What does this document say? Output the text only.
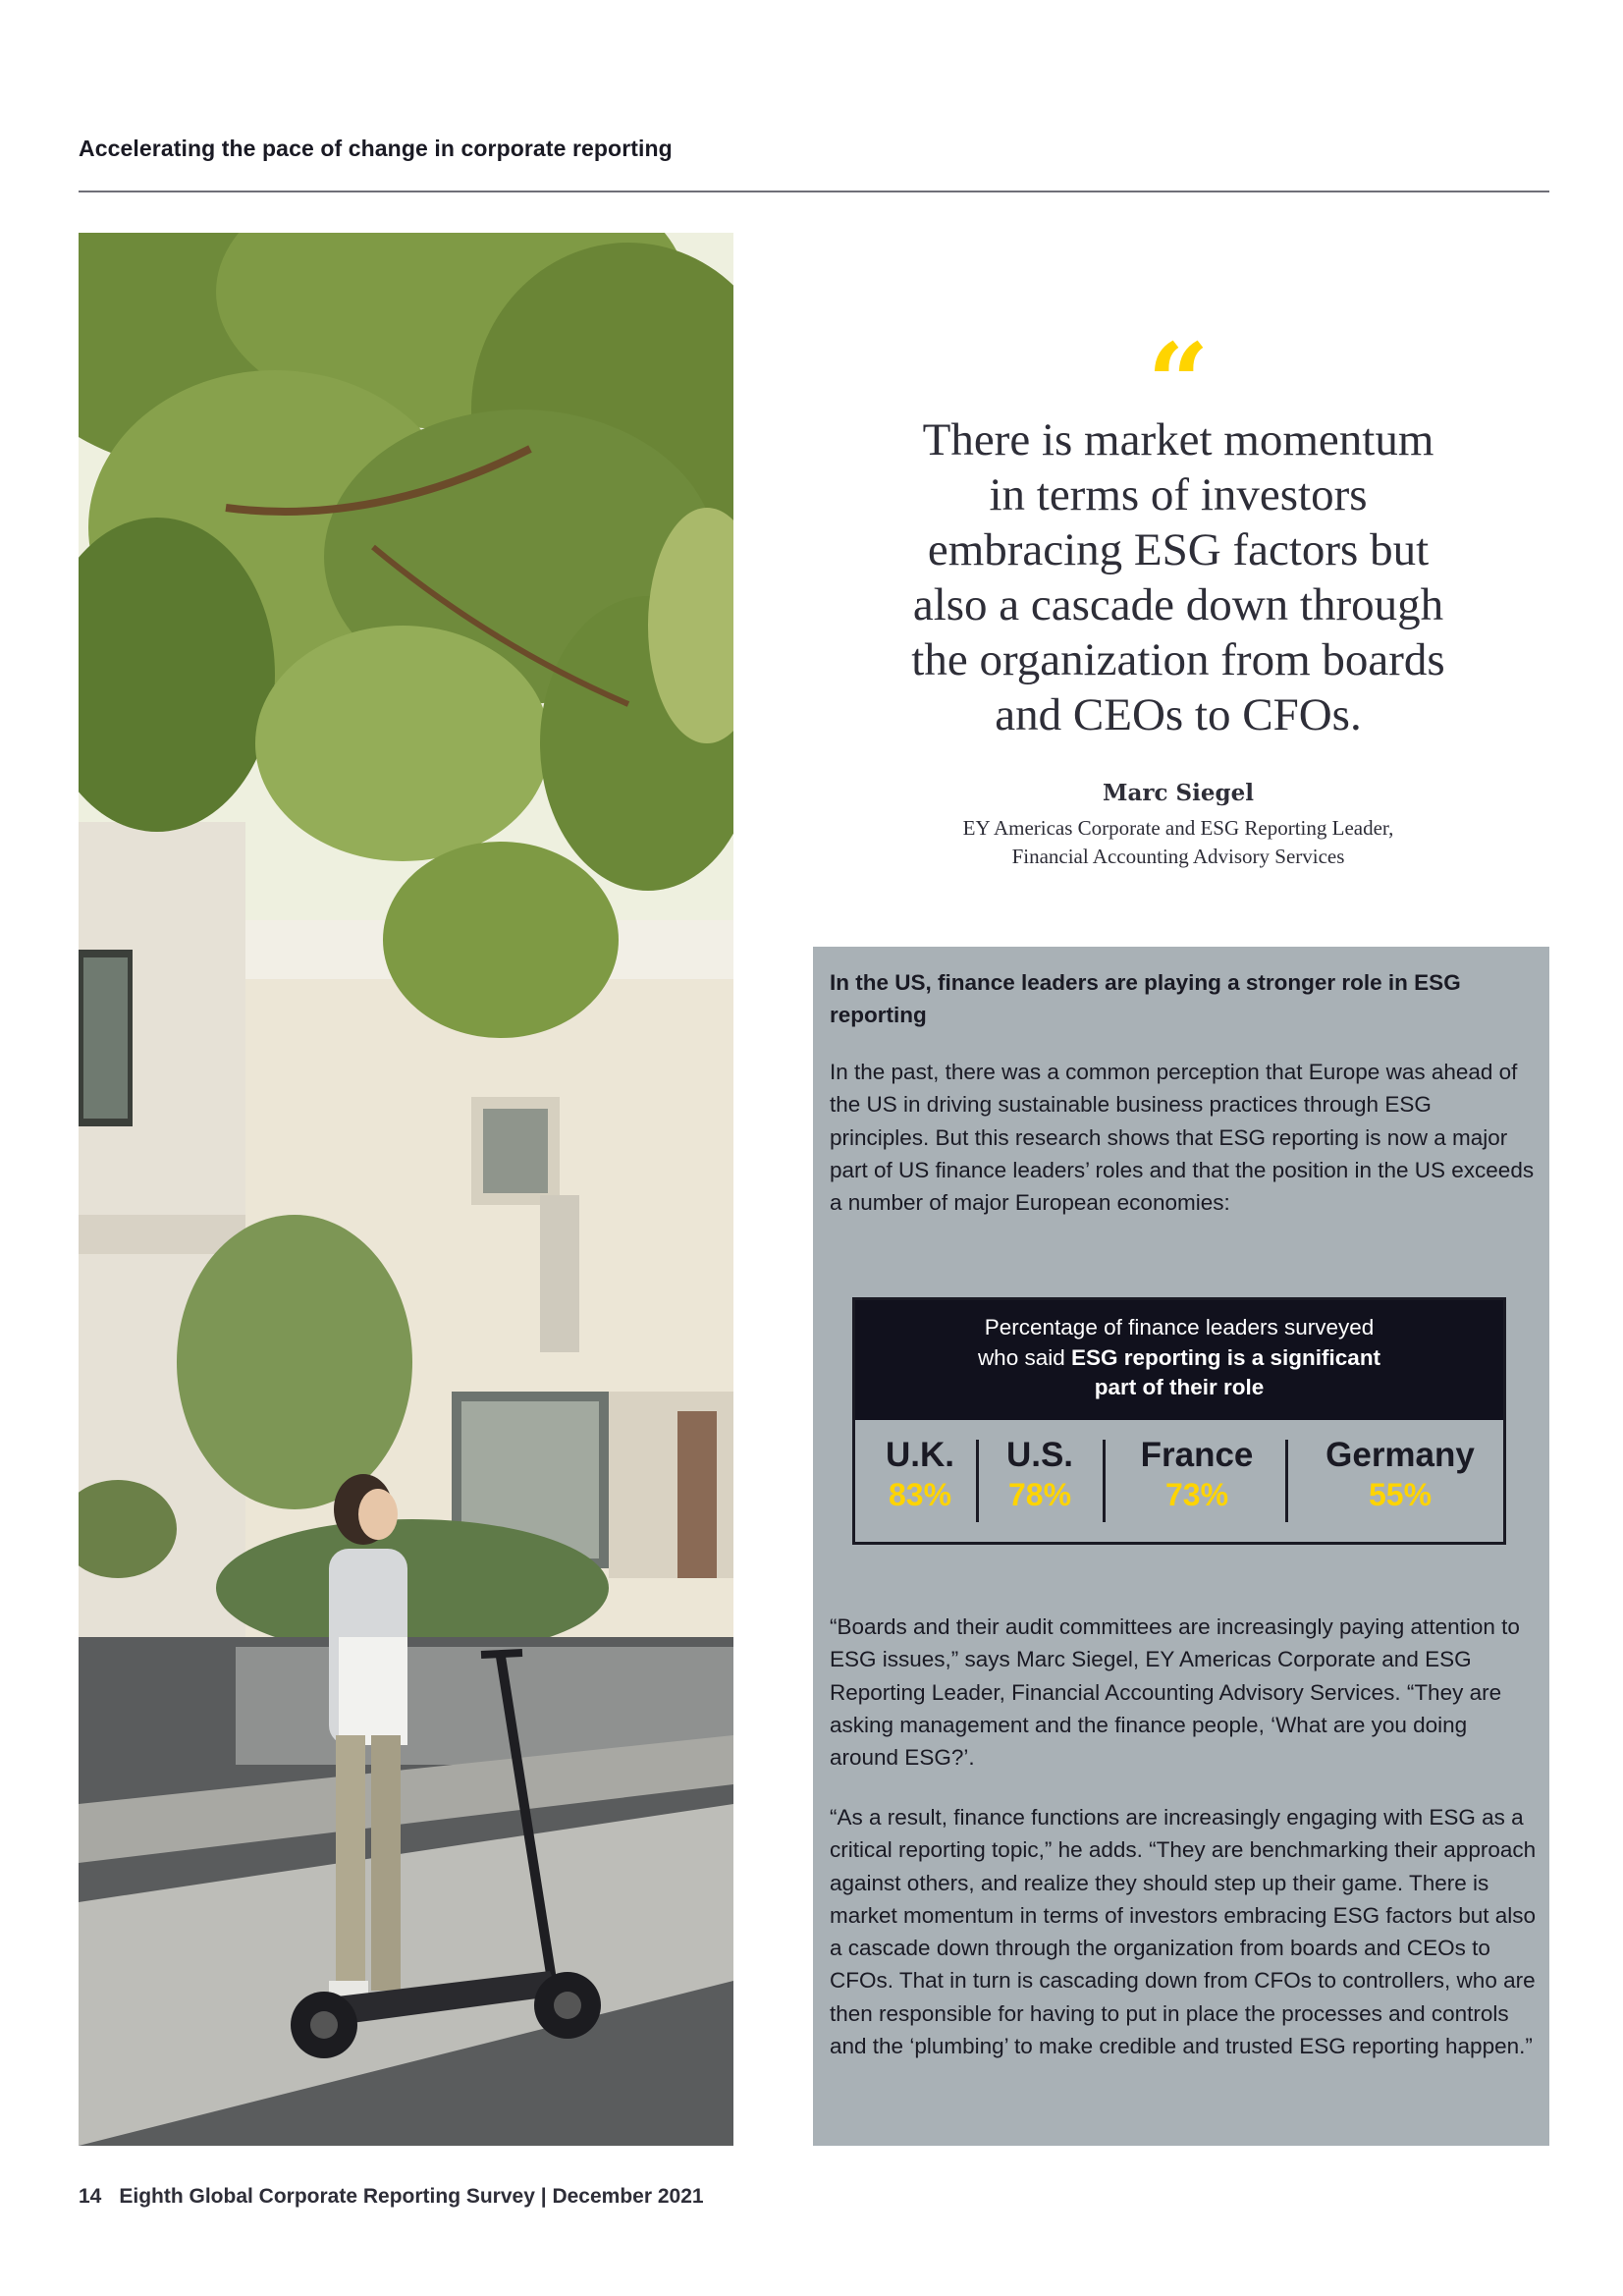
Accelerating the pace of change in corporate reporting
“
There is market momentum
in terms of investors
embracing ESG factors but
also a cascade down through
the organization from boards
and CEOs to CFOs.
Marc Siegel
EY Americas Corporate and ESG Reporting Leader,
Financial Accounting Advisory Services
In the US, finance leaders are playing a stronger role in ESG reporting
In the past, there was a common perception that Europe was ahead of the US in driving sustainable business practices through ESG principles. But this research shows that ESG reporting is now a major part of US finance leaders’ roles and that the position in the US exceeds a number of major European economies:
Percentage of finance leaders surveyed
who said ESG reporting is a significant
part of their role
U.K.
83%
U.S.
78%
France
73%
Germany
55%
“Boards and their audit committees are increasingly paying attention to ESG issues,” says Marc Siegel, EY Americas Corporate and ESG Reporting Leader, Financial Accounting Advisory Services. “They are asking management and the finance people, ‘What are you doing around ESG?’.
“As a result, finance functions are increasingly engaging with ESG as a critical reporting topic,” he adds. “They are benchmarking their approach against others, and realize they should step up their game. There is market momentum in terms of investors embracing ESG factors but also a cascade down through the organization from boards and CEOs to CFOs. That in turn is cascading down from CFOs to controllers, who are then responsible for having to put in place the processes and controls and the ‘plumbing’ to make credible and trusted ESG reporting happen.”
14 Eighth Global Corporate Reporting Survey | December 2021
